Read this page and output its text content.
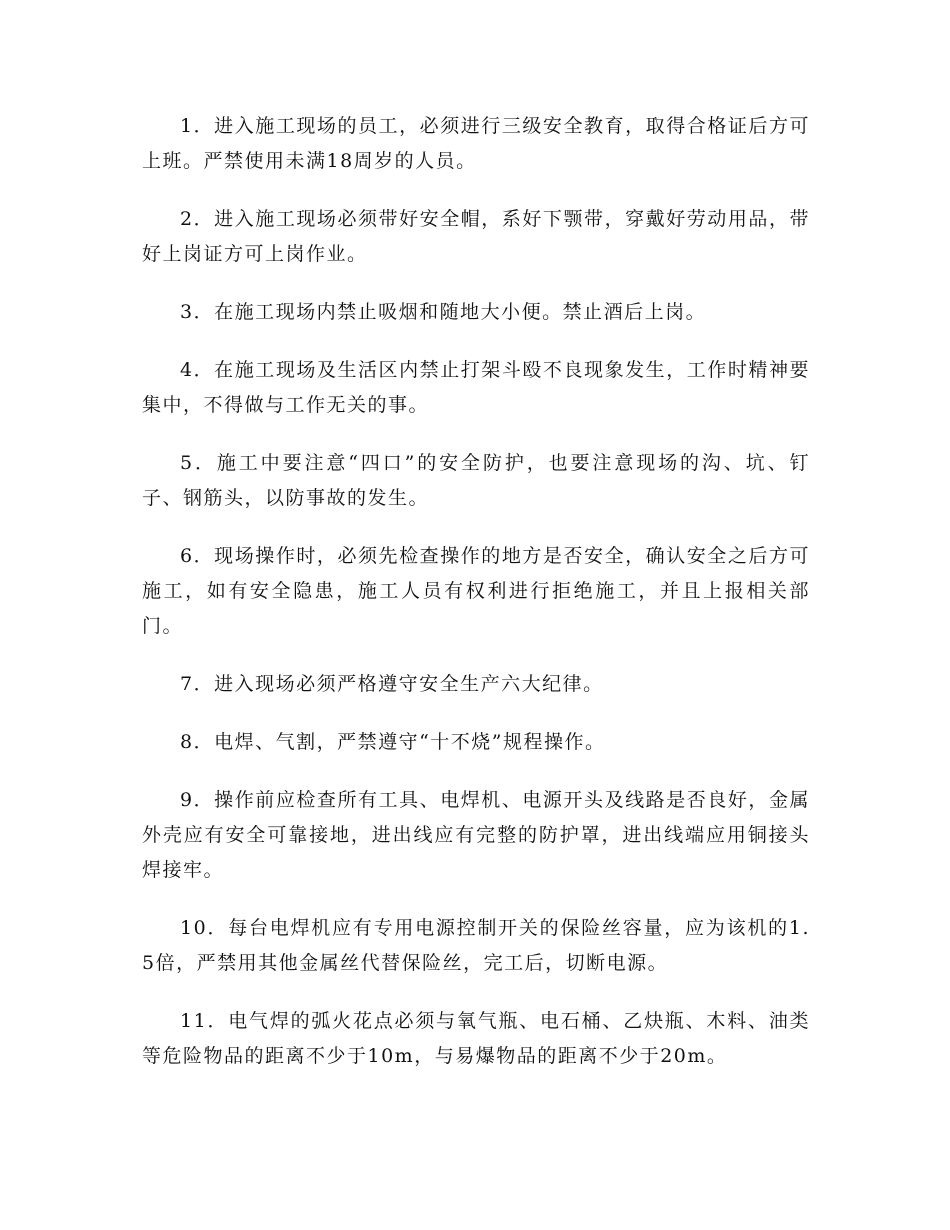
1．进入施工现场的员工，必须进行三级安全教育，取得合格证后方可上班。严禁使用未满18周岁的人员。

2．进入施工现场必须带好安全帽，系好下颚带，穿戴好劳动用品，带好上岗证方可上岗作业。

3．在施工现场内禁止吸烟和随地大小便。禁止酒后上岗。

4．在施工现场及生活区内禁止打架斗殴不良现象发生，工作时精神要集中，不得做与工作无关的事。

5．施工中要注意“四口”的安全防护，也要注意现场的沟、坑、钉子、钢筋头，以防事故的发生。

6．现场操作时，必须先检查操作的地方是否安全，确认安全之后方可施工，如有安全隐患，施工人员有权利进行拒绝施工，并且上报相关部门。

7．进入现场必须严格遵守安全生产六大纪律。

8．电焊、气割，严禁遵守“十不烧”规程操作。

9．操作前应检查所有工具、电焊机、电源开头及线路是否良好，金属外壳应有安全可靠接地，进出线应有完整的防护罩，进出线端应用铜接头焊接牢。

10．每台电焊机应有专用电源控制开关的保险丝容量，应为该机的1.5倍，严禁用其他金属丝代替保险丝，完工后，切断电源。

11．电气焊的弧火花点必须与氧气瓶、电石桶、乙炔瓶、木料、油类等危险物品的距离不少于10m，与易爆物品的距离不少于20m。
